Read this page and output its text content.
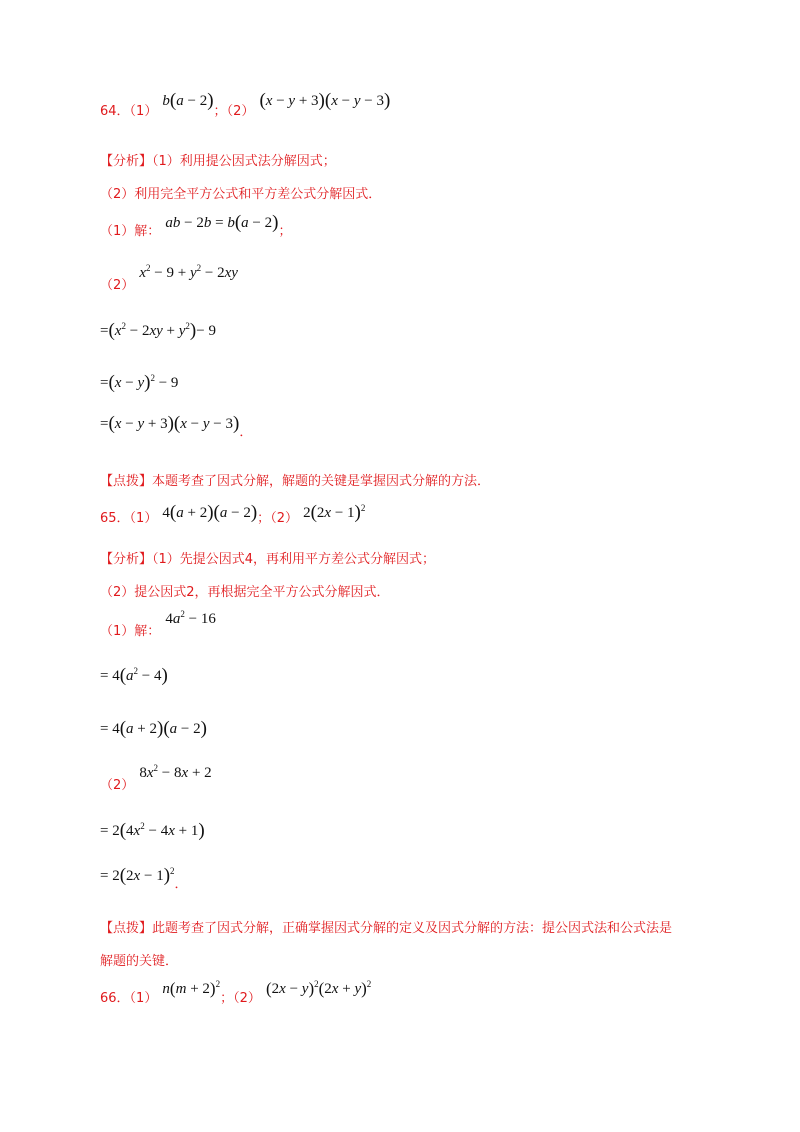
64．（1） b(a − 2)；（2） (x − y + 3)(x − y − 3)
【分析】（1）利用提公因式法分解因式；
（2）利用完全平方公式和平方差公式分解因式．
（1）解： ab − 2b = b(a − 2)；
（2） $x^2 - 9 + y^2 - 2xy$
$=(x^2 - 2xy + y^2)- 9$
$=(x - y)^2 - 9$
=(x − y + 3)(x − y − 3)．
【点拨】本题考查了因式分解，解题的关键是掌握因式分解的方法．
65．（1） 4(a + 2)(a − 2)；（2） $2(2x - 1)^2$
【分析】（1）先提公因式4，再利用平方差公式分解因式；
（2）提公因式2，再根据完全平方公式分解因式．
（1）解： $4a^2 - 16$
= $4(a^2 - 4)$
= 4(a + 2)(a − 2)
（2） $8x^2 - 8x + 2$
= $2(4x^2 - 4x + 1)$
= $2(2x - 1)^2$．
【点拨】此题考查了因式分解，正确掌握因式分解的定义及因式分解的方法：提公因式法和公式法是
解题的关键．
66．（1） $n(m + 2)^2$；（2） $(2x - y)^2(2x + y)^2$
